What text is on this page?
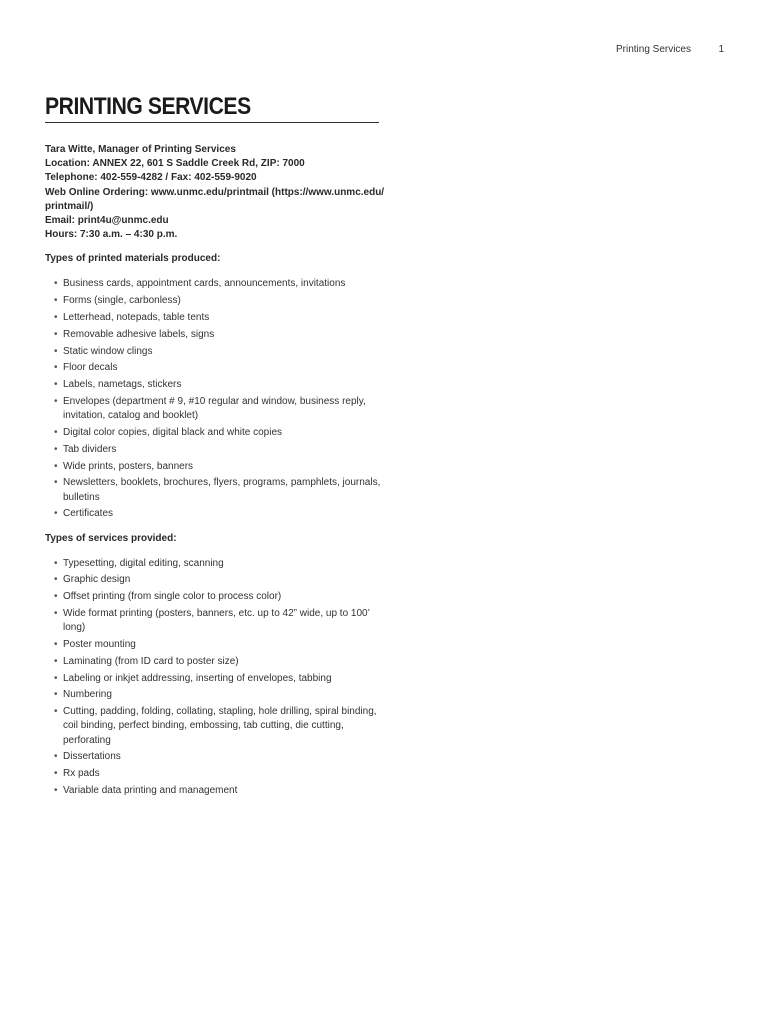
Printing Services	1
PRINTING SERVICES
Tara Witte, Manager of Printing Services
Location: ANNEX 22, 601 S Saddle Creek Rd, ZIP: 7000
Telephone: 402-559-4282 / Fax: 402-559-9020
Web Online Ordering: www.unmc.edu/printmail (https://www.unmc.edu/
printmail/)
Email: print4u@unmc.edu
Hours: 7:30 a.m. – 4:30 p.m.
Types of printed materials produced:
• Business cards, appointment cards, announcements, invitations
• Forms (single, carbonless)
• Letterhead, notepads, table tents
• Removable adhesive labels, signs
• Static window clings
• Floor decals
• Labels, nametags, stickers
• Envelopes (department # 9, #10 regular and window, business reply, invitation, catalog and booklet)
• Digital color copies, digital black and white copies
• Tab dividers
• Wide prints, posters, banners
• Newsletters, booklets, brochures, flyers, programs, pamphlets, journals, bulletins
• Certificates
Types of services provided:
• Typesetting, digital editing, scanning
• Graphic design
• Offset printing (from single color to process color)
• Wide format printing (posters, banners, etc. up to 42” wide, up to 100’ long)
• Poster mounting
• Laminating (from ID card to poster size)
• Labeling or inkjet addressing, inserting of envelopes, tabbing
• Numbering
• Cutting, padding, folding, collating, stapling, hole drilling, spiral binding, coil binding, perfect binding, embossing, tab cutting, die cutting, perforating
• Dissertations
• Rx pads
• Variable data printing and management
